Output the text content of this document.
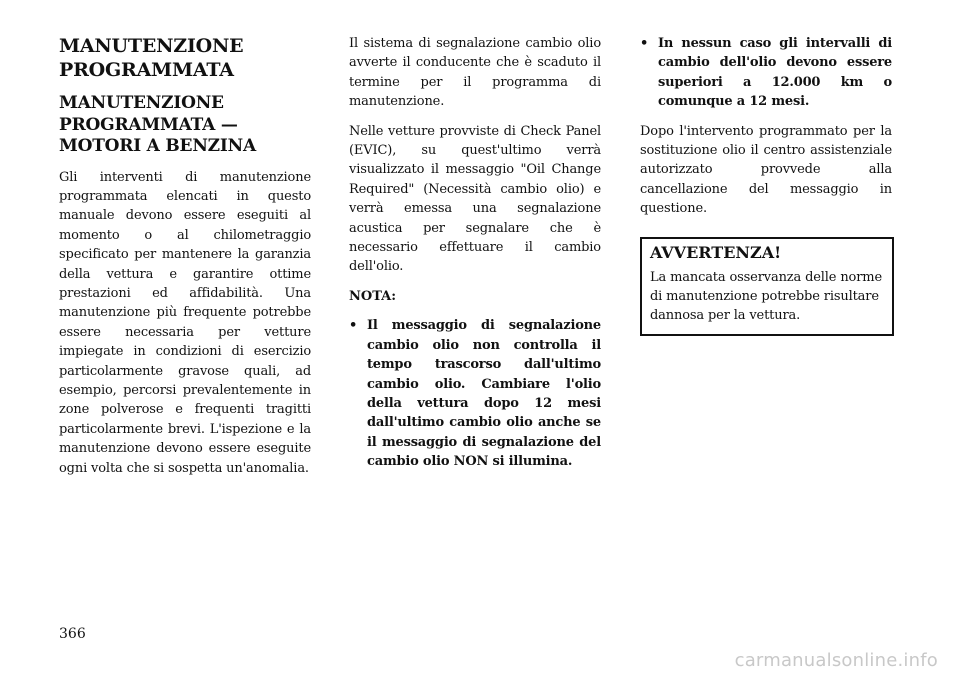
MANUTENZIONE PROGRAMMATA
MANUTENZIONE
PROGRAMMATA —
MOTORI A BENZINA
Gli interventi di manutenzione programmata elencati in questo manuale devono essere eseguiti al momento o al chilometraggio specificato per mantenere la garanzia della vettura e garantire ottime prestazioni ed affidabilità. Una manutenzione più frequente potrebbe essere necessaria per vetture impiegate in condizioni di esercizio particolarmente gravose quali, ad esempio, percorsi prevalentemente in zone polverose e frequenti tragitti particolarmente brevi. L'ispezione e la manutenzione devono essere eseguite ogni volta che si sospetta un'anomalia.
Il sistema di segnalazione cambio olio avverte il conducente che è scaduto il termine per il programma di manutenzione.
Nelle vetture provviste di Check Panel (EVIC), su quest'ultimo verrà visualizzato il messaggio "Oil Change Required" (Necessità cambio olio) e verrà emessa una segnalazione acustica per segnalare che è necessario effettuare il cambio dell'olio.
NOTA:
• Il messaggio di segnalazione cambio olio non controlla il tempo trascorso dall'ultimo cambio olio. Cambiare l'olio della vettura dopo 12 mesi dall'ultimo cambio olio anche se il messaggio di segnalazione del cambio olio NON si illumina.
• In nessun caso gli intervalli di cambio dell'olio devono essere superiori a 12.000 km o comunque a 12 mesi.
Dopo l'intervento programmato per la sostituzione olio il centro assistenziale autorizzato provvede alla cancellazione del messaggio in questione.
AVVERTENZA!
La mancata osservanza delle norme di manutenzione potrebbe risultare dannosa per la vettura.
366
carmanualsonline.info
